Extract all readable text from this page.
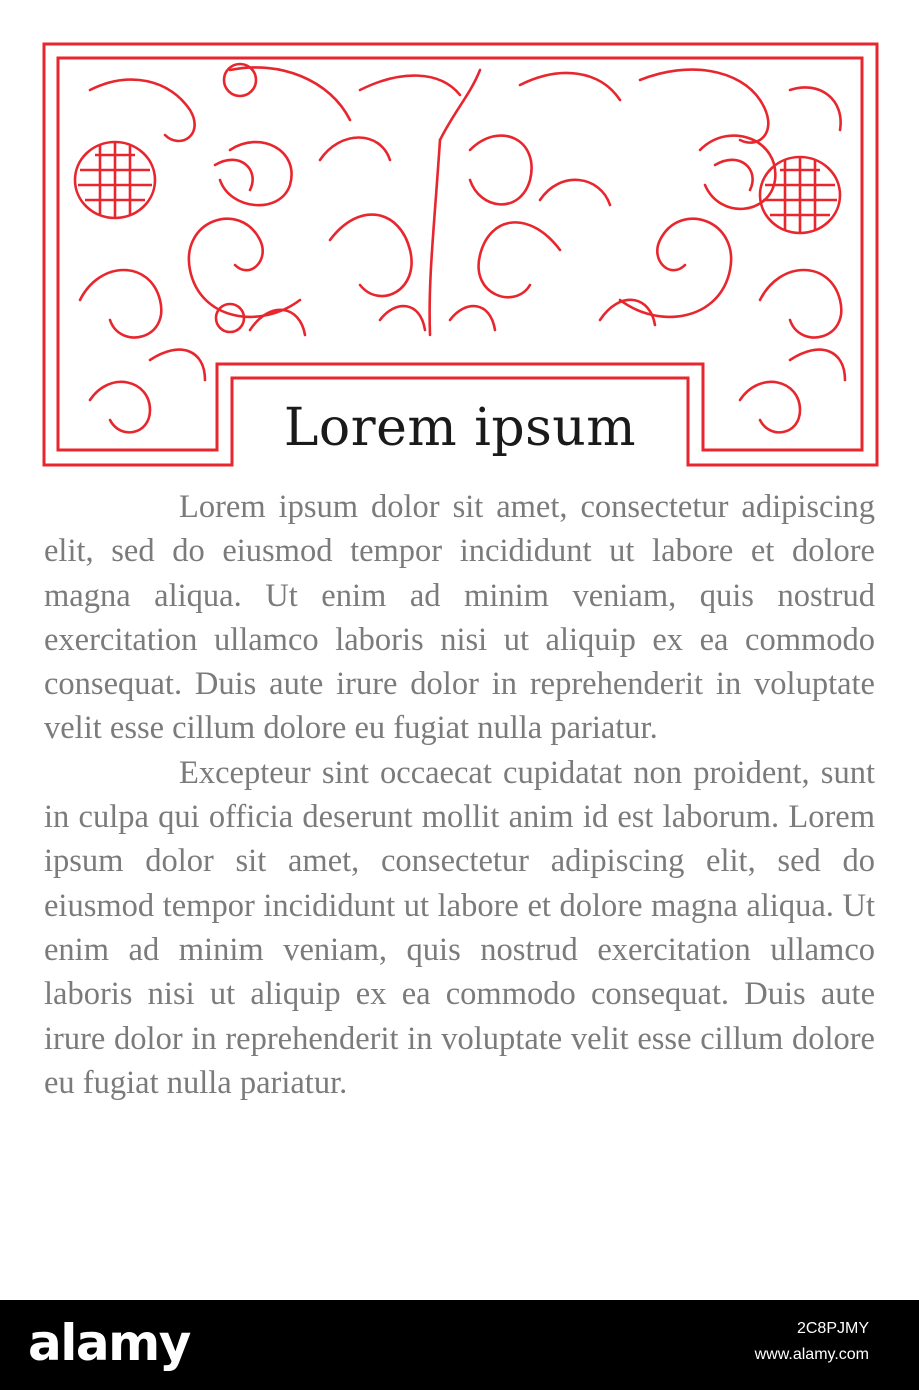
Lorem ipsum

Lorem ipsum dolor sit amet, consectetur adipiscing elit, sed do eiusmod tempor incididunt ut labore et dolore magna aliqua. Ut enim ad minim veniam, quis nostrud exercitation ullamco laboris nisi ut aliquip ex ea commodo consequat. Duis aute irure dolor in reprehenderit in voluptate velit esse cillum dolore eu fugiat nulla pariatur.

Excepteur sint occaecat cupidatat non proident, sunt in culpa qui officia deserunt mollit anim id est laborum. Lorem ipsum dolor sit amet, consectetur adipiscing elit, sed do eiusmod tempor incididunt ut labore et dolore magna aliqua. Ut enim ad minim veniam, quis nostrud exercitation ullamco laboris nisi ut aliquip ex ea commodo consequat. Duis aute irure dolor in reprehenderit in voluptate velit esse cillum dolore eu fugiat nulla pariatur.

alamy	2C8PJMY
www.alamy.com
